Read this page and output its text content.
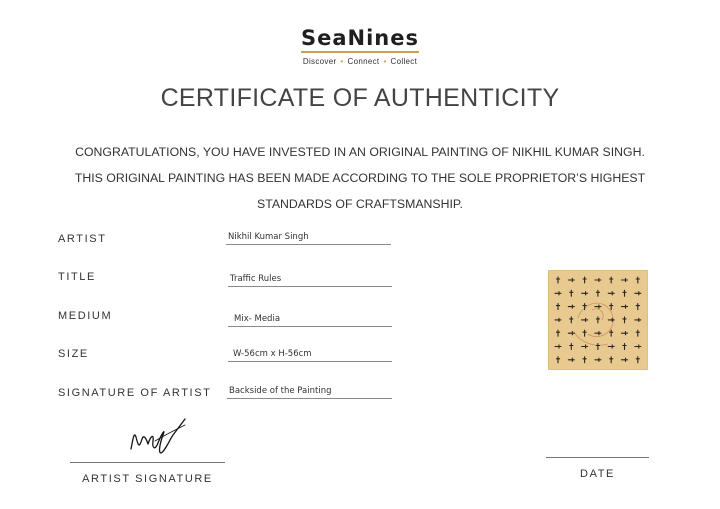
SeaNines
Discover • Connect • Collect
CERTIFICATE OF AUTHENTICITY
CONGRATULATIONS, YOU HAVE INVESTED IN AN ORIGINAL PAINTING OF NIKHIL KUMAR SINGH.
THIS ORIGINAL PAINTING HAS BEEN MADE ACCORDING TO THE SOLE PROPRIETOR’S HIGHEST
STANDARDS OF CRAFTSMANSHIP.
ARTIST	Nikhil Kumar Singh
TITLE	Traffic Rules
MEDIUM	Mix- Media
SIZE	W-56cm x H-56cm
SIGNATURE OF ARTIST Backside of the Painting
ARTIST SIGNATURE	DATE
